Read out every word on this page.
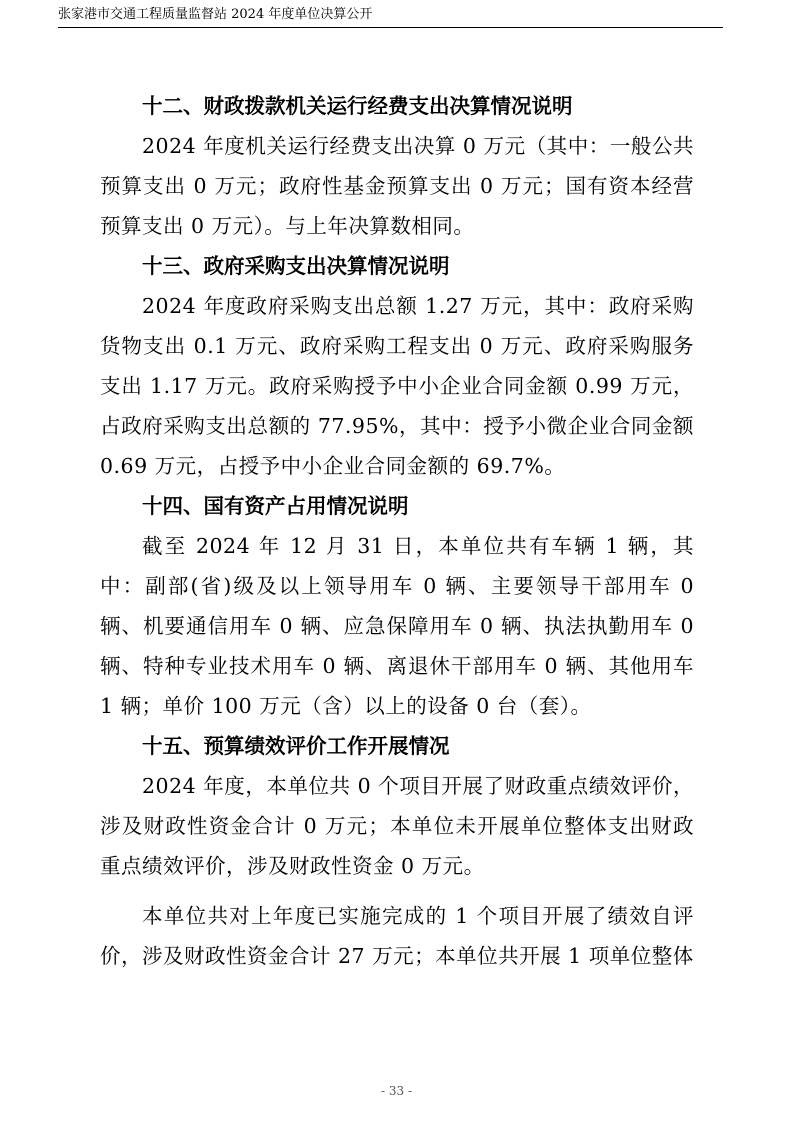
张家港市交通工程质量监督站 2024 年度单位决算公开
十二、财政拨款机关运行经费支出决算情况说明

2024 年度机关运行经费支出决算 0 万元（其中：一般公共预算支出 0 万元；政府性基金预算支出 0 万元；国有资本经营预算支出 0 万元）。与上年决算数相同。

十三、政府采购支出决算情况说明

2024 年度政府采购支出总额 1.27 万元，其中：政府采购货物支出 0.1 万元、政府采购工程支出 0 万元、政府采购服务支出 1.17 万元。政府采购授予中小企业合同金额 0.99 万元，占政府采购支出总额的 77.95%，其中：授予小微企业合同金额 0.69 万元，占授予中小企业合同金额的 69.7%。

十四、国有资产占用情况说明

截至 2024 年 12 月 31 日，本单位共有车辆 1 辆，其中：副部(省)级及以上领导用车 0 辆、主要领导干部用车 0 辆、机要通信用车 0 辆、应急保障用车 0 辆、执法执勤用车 0 辆、特种专业技术用车 0 辆、离退休干部用车 0 辆、其他用车 1 辆；单价 100 万元（含）以上的设备 0 台（套）。

十五、预算绩效评价工作开展情况

2024 年度，本单位共 0 个项目开展了财政重点绩效评价，涉及财政性资金合计 0 万元；本单位未开展单位整体支出财政重点绩效评价，涉及财政性资金 0 万元。

本单位共对上年度已实施完成的 1 个项目开展了绩效自评价，涉及财政性资金合计 27 万元；本单位共开展 1 项单位整体

- 33 -
